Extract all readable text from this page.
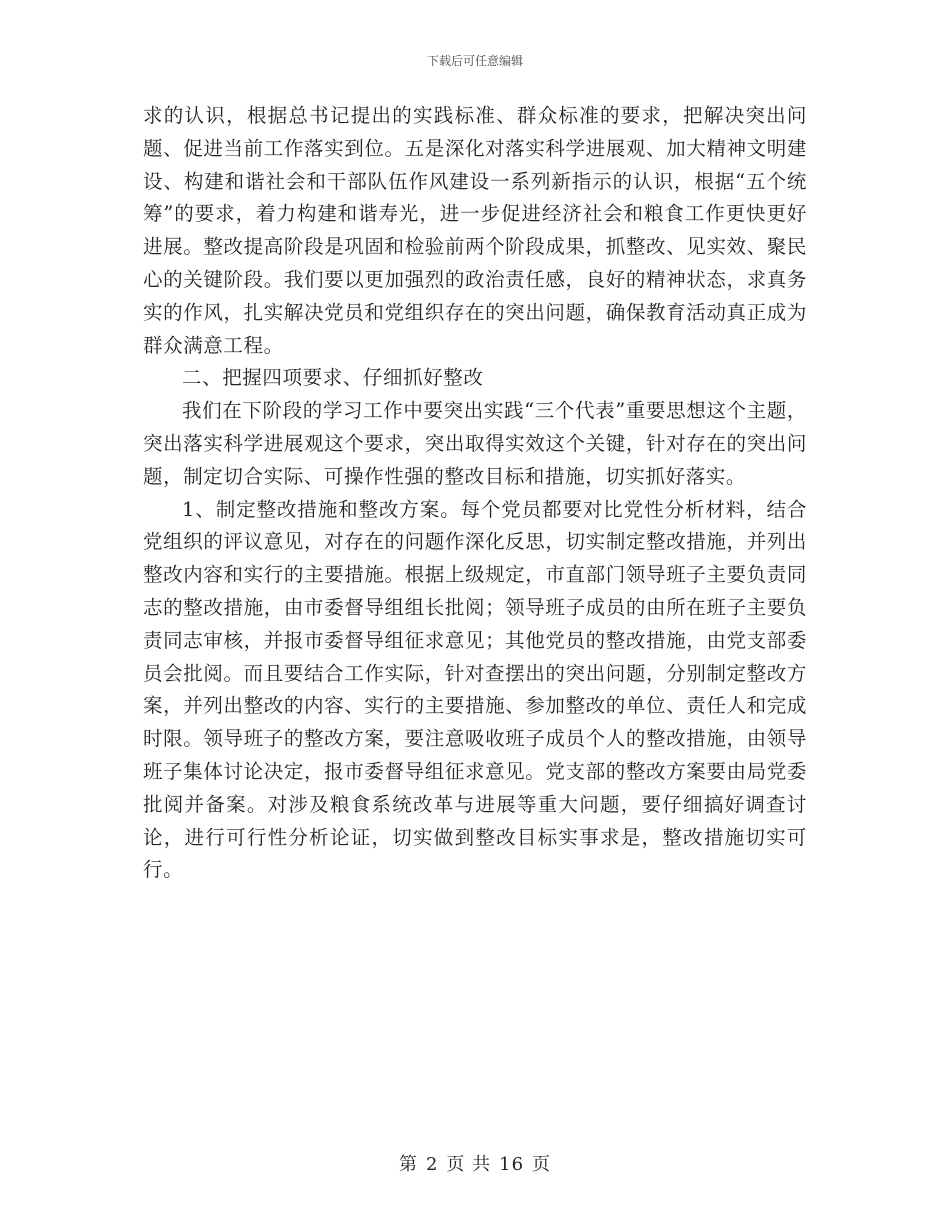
下载后可任意编辑

求的认识，根据总书记提出的实践标准、群众标准的要求，把解决突出问题、促进当前工作落实到位。五是深化对落实科学进展观、加大精神文明建设、构建和谐社会和干部队伍作风建设一系列新指示的认识，根据“五个统筹”的要求，着力构建和谐寿光，进一步促进经济社会和粮食工作更快更好进展。整改提高阶段是巩固和检验前两个阶段成果，抓整改、见实效、聚民心的关键阶段。我们要以更加强烈的政治责任感，良好的精神状态，求真务实的作风，扎实解决党员和党组织存在的突出问题，确保教育活动真正成为群众满意工程。

二、把握四项要求、仔细抓好整改

我们在下阶段的学习工作中要突出实践“三个代表”重要思想这个主题，突出落实科学进展观这个要求，突出取得实效这个关键，针对存在的突出问题，制定切合实际、可操作性强的整改目标和措施，切实抓好落实。

1、制定整改措施和整改方案。每个党员都要对比党性分析材料，结合党组织的评议意见，对存在的问题作深化反思，切实制定整改措施，并列出整改内容和实行的主要措施。根据上级规定，市直部门领导班子主要负责同志的整改措施，由市委督导组组长批阅；领导班子成员的由所在班子主要负责同志审核，并报市委督导组征求意见；其他党员的整改措施，由党支部委员会批阅。而且要结合工作实际，针对查摆出的突出问题，分别制定整改方案，并列出整改的内容、实行的主要措施、参加整改的单位、责任人和完成时限。领导班子的整改方案，要注意吸收班子成员个人的整改措施，由领导班子集体讨论决定，报市委督导组征求意见。党支部的整改方案要由局党委批阅并备案。对涉及粮食系统改革与进展等重大问题，要仔细搞好调查讨论，进行可行性分析论证，切实做到整改目标实事求是，整改措施切实可行。

第 2 页 共 16 页
